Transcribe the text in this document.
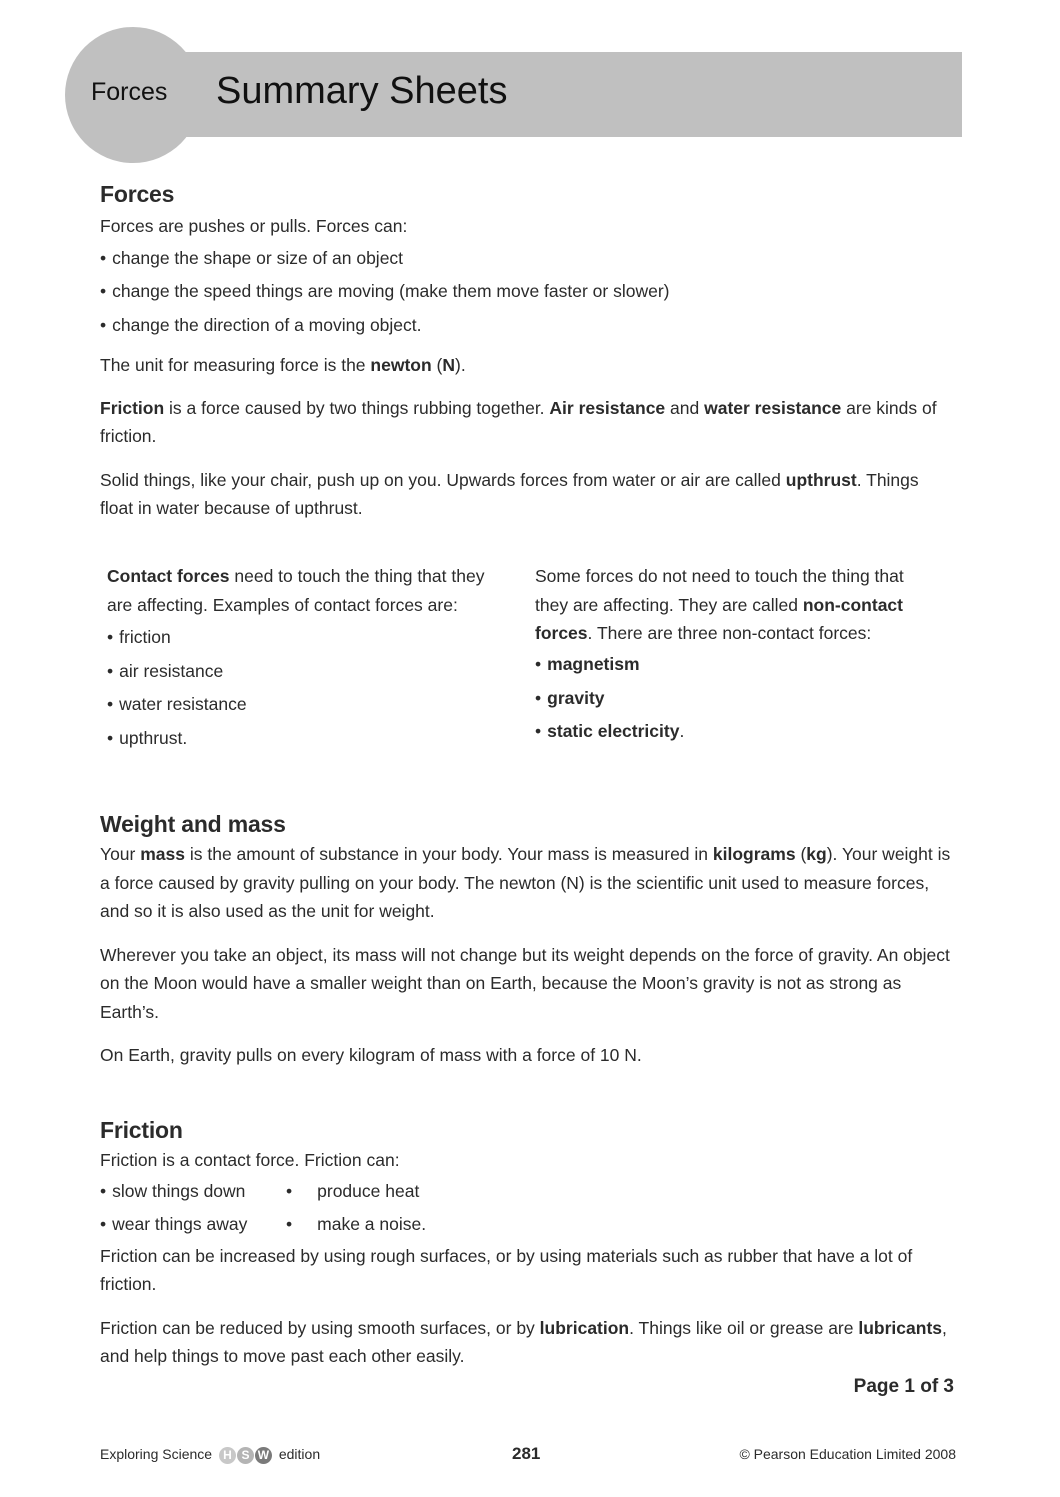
Forces Summary Sheets
Forces

Forces are pushes or pulls. Forces can:

• change the shape or size of an object
• change the speed things are moving (make them move faster or slower)
• change the direction of a moving object.

The unit for measuring force is the newton (N).

Friction is a force caused by two things rubbing together. Air resistance and water resistance are kinds of friction.

Solid things, like your chair, push up on you. Upwards forces from water or air are called upthrust. Things float in water because of upthrust.

Contact forces need to touch the thing that they are affecting. Examples of contact forces are:

• friction
• air resistance
• water resistance
• upthrust.

Some forces do not need to touch the thing that they are affecting. They are called non-contact forces. There are three non-contact forces:

• magnetism
• gravity
• static electricity.
Weight and mass

Your mass is the amount of substance in your body. Your mass is measured in kilograms (kg). Your weight is a force caused by gravity pulling on your body. The newton (N) is the scientific unit used to measure forces, and so it is also used as the unit for weight.

Wherever you take an object, its mass will not change but its weight depends on the force of gravity. An object on the Moon would have a smaller weight than on Earth, because the Moon’s gravity is not as strong as Earth’s.

On Earth, gravity pulls on every kilogram of mass with a force of 10 N.

Friction

Friction is a contact force. Friction can:

• slow things down	• produce heat
• wear things away	• make a noise.

Friction can be increased by using rough surfaces, or by using materials such as rubber that have a lot of friction.

Friction can be reduced by using smooth surfaces, or by lubrication. Things like oil or grease are lubricants, and help things to move past each other easily.

Page 1 of 3
Exploring Science H S W edition	281	© Pearson Education Limited 2008
